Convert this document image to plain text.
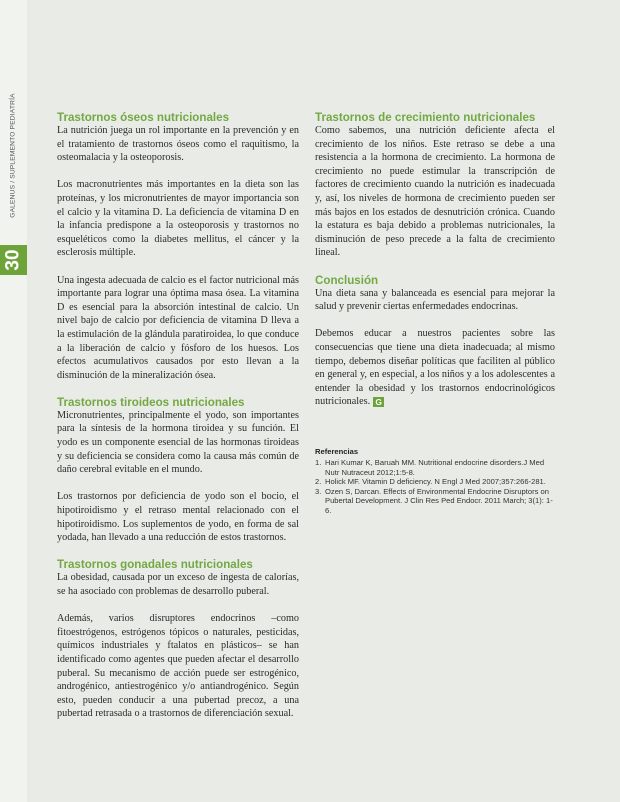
GALENUS / SUPLEMENTO PEDIATRÍA
30
Trastornos óseos nutricionales

La nutrición juega un rol importante en la prevención y en el tratamiento de trastornos óseos como el raquitismo, la osteomalacia y la osteoporosis.

Los macronutrientes más importantes en la dieta son las proteínas, y los micronutrientes de mayor importancia son el calcio y la vitamina D. La deficiencia de vitamina D en la infancia predispone a la osteoporosis y trastornos no esqueléticos como la diabetes mellitus, el cáncer y la esclerosis múltiple.

Una ingesta adecuada de calcio es el factor nutricional más importante para lograr una óptima masa ósea. La vitamina D es esencial para la absorción intestinal de calcio. Un nivel bajo de calcio por deficiencia de vitamina D lleva a la estimulación de la glándula paratiroidea, lo que conduce a la liberación de calcio y fósforo de los huesos. Los efectos acumulativos causados por esto llevan a la disminución de la mineralización ósea.

Trastornos tiroideos nutricionales

Micronutrientes, principalmente el yodo, son importantes para la síntesis de la hormona tiroidea y su función. El yodo es un componente esencial de las hormonas tiroideas y su deficiencia se considera como la causa más común de daño cerebral evitable en el mundo.

Los trastornos por deficiencia de yodo son el bocio, el hipotiroidismo y el retraso mental relacionado con el hipotiroidismo. Los suplementos de yodo, en forma de sal yodada, han llevado a una reducción de estos trastornos.

Trastornos gonadales nutricionales

La obesidad, causada por un exceso de ingesta de calorías, se ha asociado con problemas de desarrollo puberal.

Además, varios disruptores endocrinos –como fitoestrógenos, estrógenos tópicos o naturales, pesticidas, químicos industriales y ftalatos en plásticos– se han identificado como agentes que pueden afectar el desarrollo puberal. Su mecanismo de acción puede ser estrogénico, androgénico, antiestrogénico y/o antiandrogénico. Según esto, pueden conducir a una pubertad precoz, a una pubertad retrasada o a trastornos de diferenciación sexual.

Trastornos de crecimiento nutricionales

Como sabemos, una nutrición deficiente afecta el crecimiento de los niños. Este retraso se debe a una resistencia a la hormona de crecimiento. La hormona de crecimiento no puede estimular la transcripción de factores de crecimiento cuando la nutrición es inadecuada y, así, los niveles de hormona de crecimiento pueden ser más bajos en los estados de desnutrición crónica. Cuando la estatura es baja debido a problemas nutricionales, la disminución de peso precede a la falta de crecimiento lineal.

Conclusión

Una dieta sana y balanceada es esencial para mejorar la salud y prevenir ciertas enfermedades endocrinas.

Debemos educar a nuestros pacientes sobre las consecuencias que tiene una dieta inadecuada; al mismo tiempo, debemos diseñar políticas que faciliten al público en general y, en especial, a los niños y a los adolescentes a entender la obesidad y los trastornos endocrinológicos nutricionales. G

Referencias
1. Hari Kumar K, Baruah MM. Nutritional endocrine disorders.J Med Nutr Nutraceut 2012;1:5-8.
2. Holick MF. Vitamin D deficiency. N Engl J Med 2007;357:266-281.
3. Ozen S, Darcan. Effects of Environmental Endocrine Disruptors on Pubertal Development. J Clin Res Ped Endocr. 2011 March; 3(1): 1-6.
